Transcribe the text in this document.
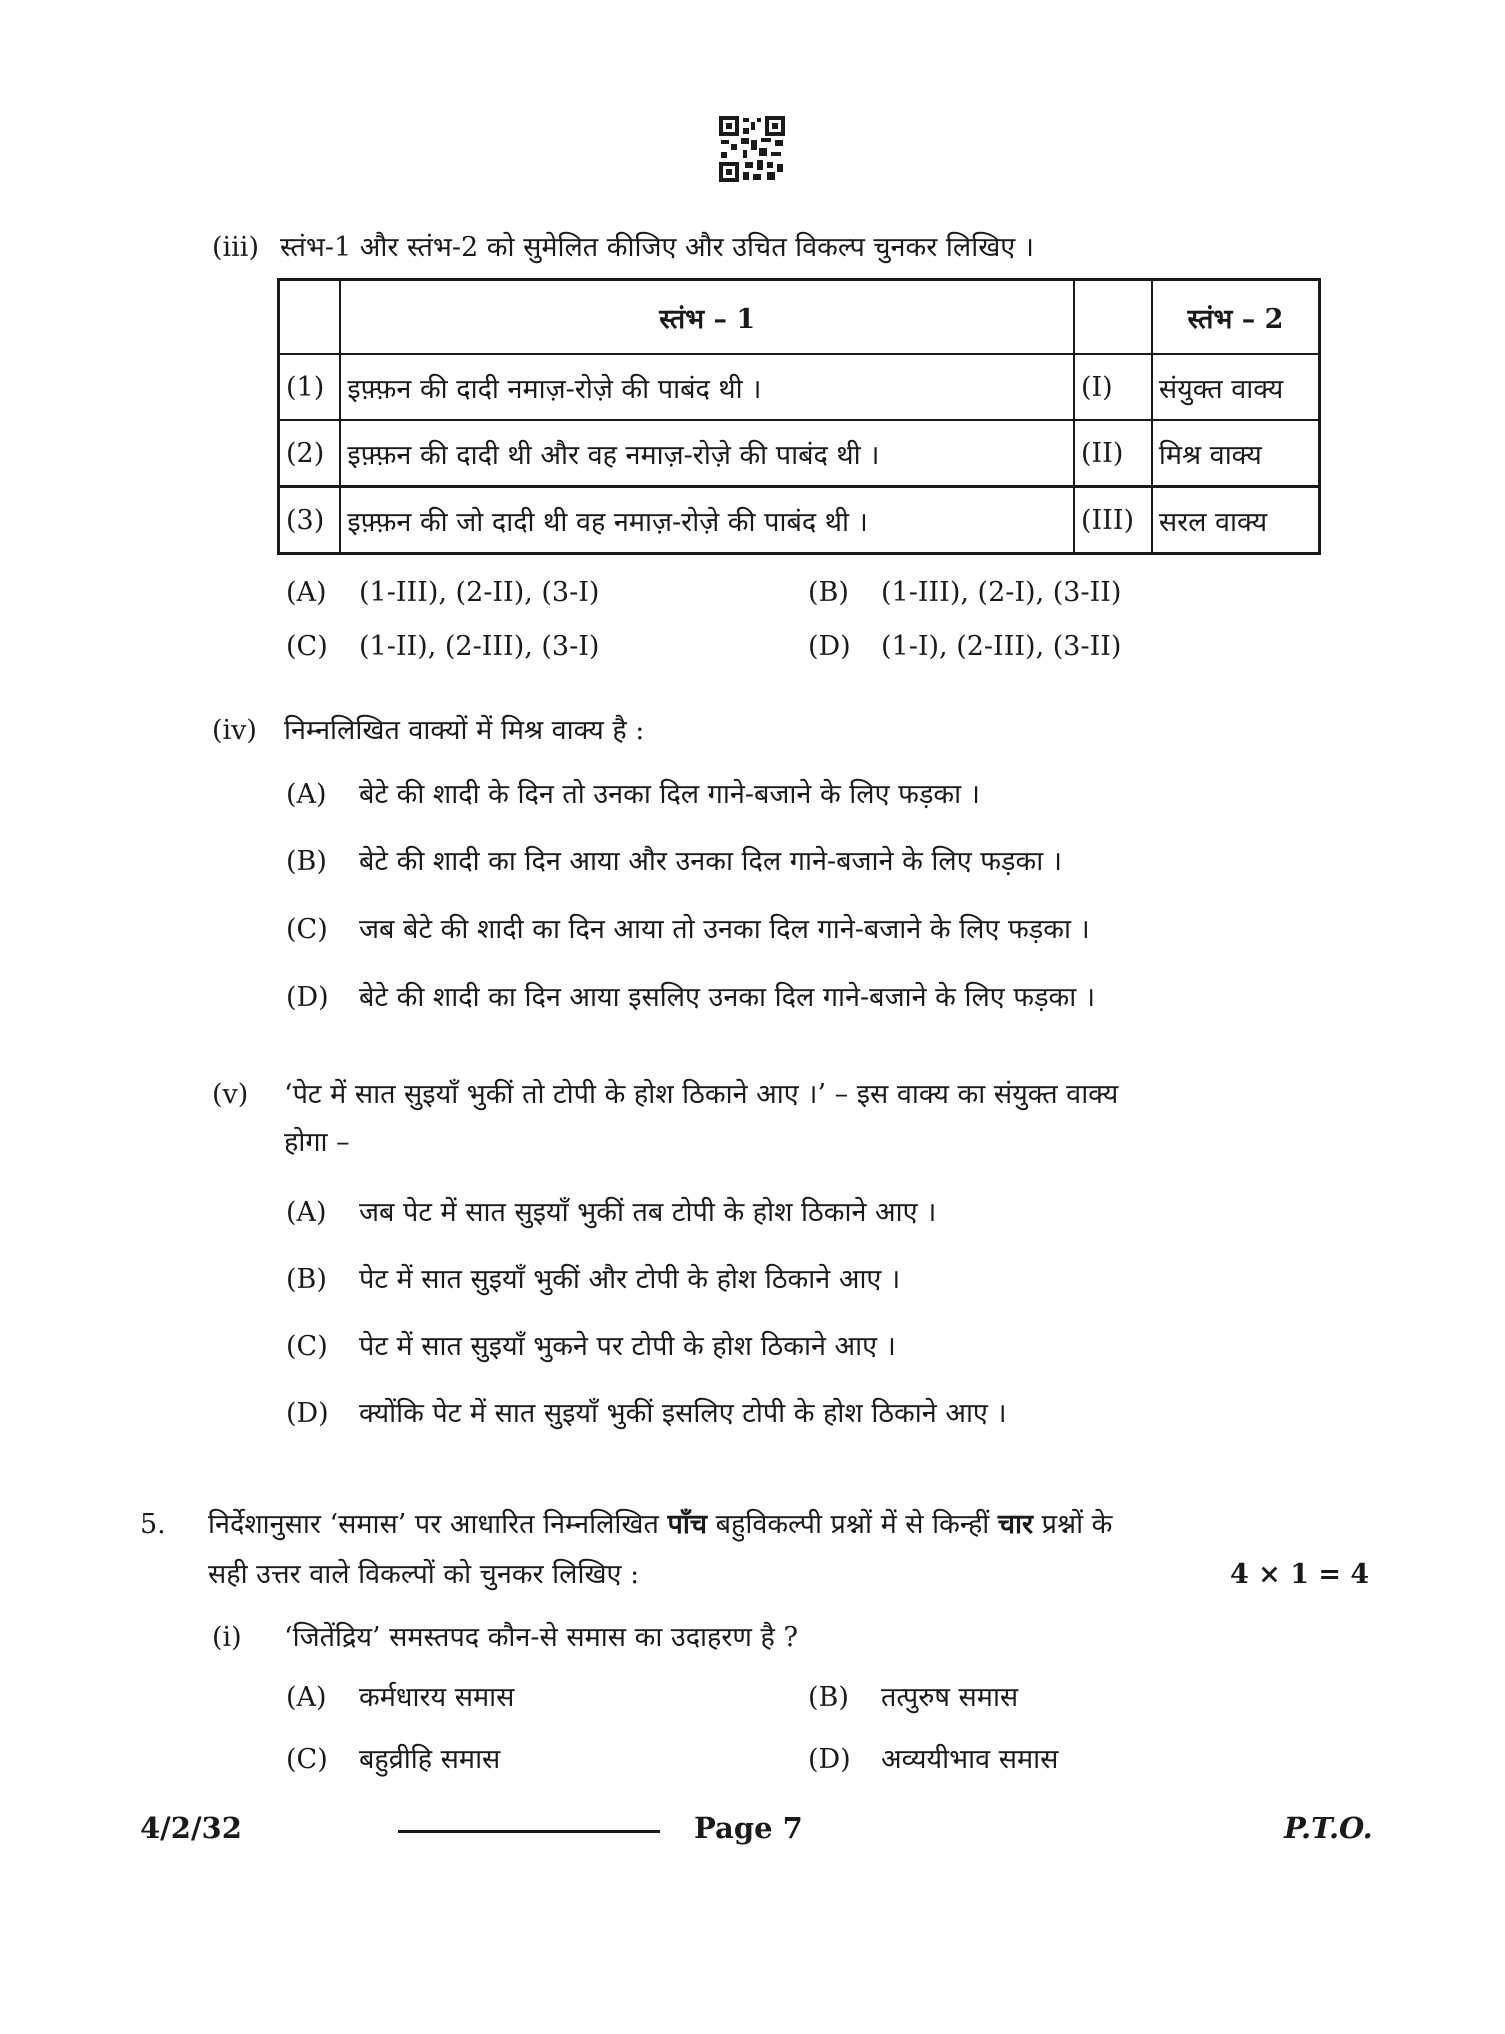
(iii) स्तंभ-1 और स्तंभ-2 को सुमेलित कीजिए और उचित विकल्प चुनकर लिखिए ।
	स्तंभ – 1		स्तंभ – 2
(1)	इफ़्फ़न की दादी नमाज़-रोज़े की पाबंद थी ।	(I)	संयुक्त वाक्य
(2)	इफ़्फ़न की दादी थी और वह नमाज़-रोज़े की पाबंद थी ।	(II)	मिश्र वाक्य
(3)	इफ़्फ़न की जो दादी थी वह नमाज़-रोज़े की पाबंद थी ।	(III)	सरल वाक्य
(A) (1-III), (2-II), (3-I)	(B) (1-III), (2-I), (3-II)
(C) (1-II), (2-III), (3-I)	(D) (1-I), (2-III), (3-II)
(iv) निम्नलिखित वाक्यों में मिश्र वाक्य है :
(A) बेटे की शादी के दिन तो उनका दिल गाने-बजाने के लिए फड़का ।
(B) बेटे की शादी का दिन आया और उनका दिल गाने-बजाने के लिए फड़का ।
(C) जब बेटे की शादी का दिन आया तो उनका दिल गाने-बजाने के लिए फड़का ।
(D) बेटे की शादी का दिन आया इसलिए उनका दिल गाने-बजाने के लिए फड़का ।
(v) ‘पेट में सात सुइयाँ भुकीं तो टोपी के होश ठिकाने आए ।’ – इस वाक्य का संयुक्त वाक्य
होगा –
(A) जब पेट में सात सुइयाँ भुकीं तब टोपी के होश ठिकाने आए ।
(B) पेट में सात सुइयाँ भुकीं और टोपी के होश ठिकाने आए ।
(C) पेट में सात सुइयाँ भुकने पर टोपी के होश ठिकाने आए ।
(D) क्योंकि पेट में सात सुइयाँ भुकीं इसलिए टोपी के होश ठिकाने आए ।
5. निर्देशानुसार ‘समास’ पर आधारित निम्नलिखित पाँच बहुविकल्पी प्रश्नों में से किन्हीं चार प्रश्नों के
सही उत्तर वाले विकल्पों को चुनकर लिखिए :	4 × 1 = 4
(i) ‘जितेंद्रिय’ समस्तपद कौन-से समास का उदाहरण है ?
(A) कर्मधारय समास	(B) तत्पुरुष समास
(C) बहुव्रीहि समास	(D) अव्ययीभाव समास
4/2/32	Page 7	P.T.O.
